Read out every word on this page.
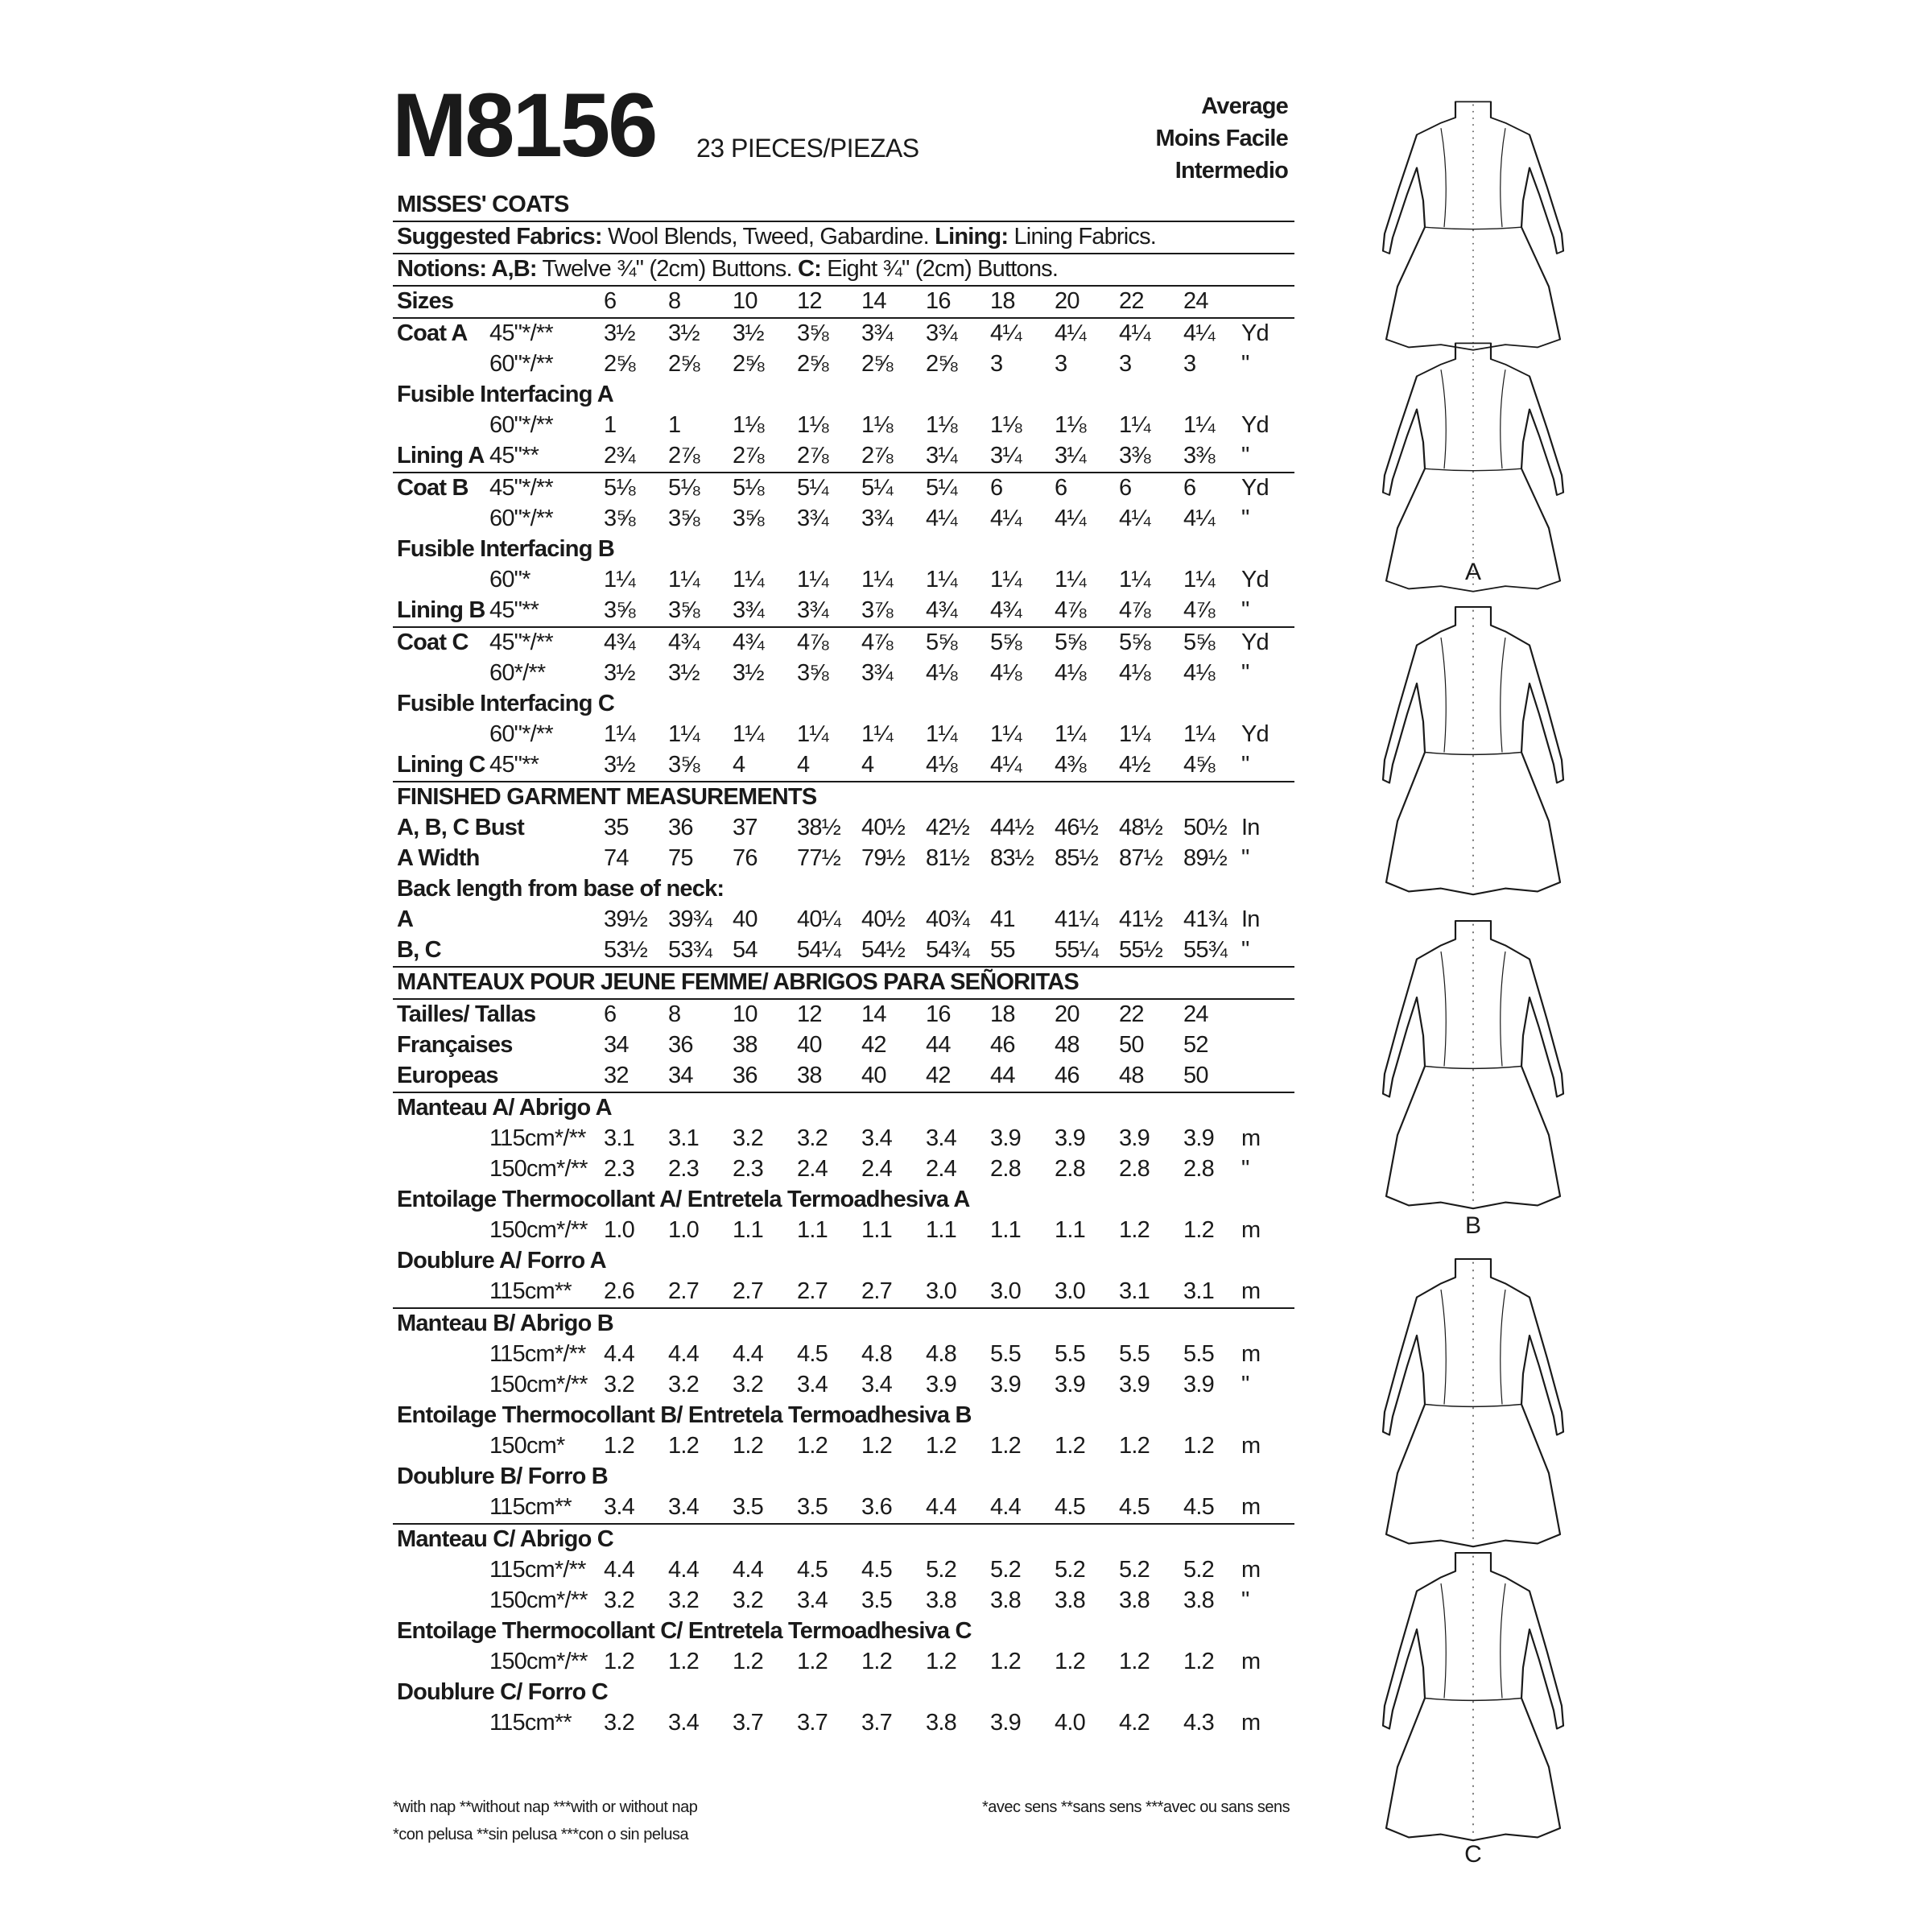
M8156 23 PIECES/PIEZAS
Average
Moins Facile
Intermedio
MISSES' COATS
Suggested Fabrics: Wool Blends, Tweed, Gabardine. Lining: Lining Fabrics.
Notions: A,B: Twelve ¾" (2cm) Buttons. C: Eight ¾" (2cm) Buttons.
Sizes	6 8 10 12 14 16 18 20 22 24
Coat A 45"*/** 3½ 3½ 3½ 3⅝ 3¾ 3¾ 4¼ 4¼ 4¼ 4¼ Yd
60"*/** 2⅝ 2⅝ 2⅝ 2⅝ 2⅝ 2⅝ 3 3 3 3 "
Fusible Interfacing A
60"*/** 1 1 1⅛ 1⅛ 1⅛ 1⅛ 1⅛ 1⅛ 1¼ 1¼ Yd
Lining A 45"**	2¾ 2⅞ 2⅞ 2⅞ 2⅞ 3¼ 3¼ 3¼ 3⅜ 3⅜ "
Coat B 45"*/** 5⅛ 5⅛ 5⅛ 5¼ 5¼ 5¼ 6 6 6 6 Yd
60"*/** 3⅝ 3⅝ 3⅝ 3¾ 3¾ 4¼ 4¼ 4¼ 4¼ 4¼ "
Fusible Interfacing B
60"*	1¼ 1¼ 1¼ 1¼ 1¼ 1¼ 1¼ 1¼ 1¼ 1¼ Yd
Lining B 45"**	3⅝ 3⅝ 3¾ 3¾ 3⅞ 4¾ 4¾ 4⅞ 4⅞ 4⅞ "
Coat C 45"*/** 4¾ 4¾ 4¾ 4⅞ 4⅞ 5⅝ 5⅝ 5⅝ 5⅝ 5⅝ Yd
60*/**	3½ 3½ 3½ 3⅝ 3¾ 4⅛ 4⅛ 4⅛ 4⅛ 4⅛ "
Fusible Interfacing C
60"*/** 1¼ 1¼ 1¼ 1¼ 1¼ 1¼ 1¼ 1¼ 1¼ 1¼ Yd
Lining C 45"**	3½ 3⅝ 4 4 4 4⅛ 4¼ 4⅜ 4½ 4⅝ "
FINISHED GARMENT MEASUREMENTS
A, B, C Bust	35 36 37 38½ 40½ 42½ 44½ 46½ 48½ 50½ In
A Width	74 75 76 77½ 79½ 81½ 83½ 85½ 87½ 89½ "
Back length from base of neck:
A	39½ 39¾ 40 40¼ 40½ 40¾ 41 41¼ 41½ 41¾ In
B, C	53½ 53¾ 54 54¼ 54½ 54¾ 55 55¼ 55½ 55¾ "
MANTEAUX POUR JEUNE FEMME/ ABRIGOS PARA SEÑORITAS
Tailles/ Tallas	6 8 10 12 14 16 18 20 22 24
Françaises	34 36 38 40 42 44 46 48 50 52
Europeas	32 34 36 38 40 42 44 46 48 50
Manteau A/ Abrigo A
115cm*/** 3.1 3.1 3.2 3.2 3.4 3.4 3.9 3.9 3.9 3.9 m
150cm*/** 2.3 2.3 2.3 2.4 2.4 2.4 2.8 2.8 2.8 2.8 "
Entoilage Thermocollant A/ Entretela Termoadhesiva A
150cm*/** 1.0 1.0 1.1 1.1 1.1 1.1 1.1 1.1 1.2 1.2 m
Doublure A/ Forro A
115cm** 2.6 2.7 2.7 2.7 2.7 3.0 3.0 3.0 3.1 3.1 m
Manteau B/ Abrigo B
115cm*/** 4.4 4.4 4.4 4.5 4.8 4.8 5.5 5.5 5.5 5.5 m
150cm*/** 3.2 3.2 3.2 3.4 3.4 3.9 3.9 3.9 3.9 3.9 "
Entoilage Thermocollant B/ Entretela Termoadhesiva B
150cm* 1.2 1.2 1.2 1.2 1.2 1.2 1.2 1.2 1.2 1.2 m
Doublure B/ Forro B
115cm** 3.4 3.4 3.5 3.5 3.6 4.4 4.4 4.5 4.5 4.5 m
Manteau C/ Abrigo C
115cm*/** 4.4 4.4 4.4 4.5 4.5 5.2 5.2 5.2 5.2 5.2 m
150cm*/** 3.2 3.2 3.2 3.4 3.5 3.8 3.8 3.8 3.8 3.8 "
Entoilage Thermocollant C/ Entretela Termoadhesiva C
150cm*/** 1.2 1.2 1.2 1.2 1.2 1.2 1.2 1.2 1.2 1.2 m
Doublure C/ Forro C
115cm** 3.2 3.4 3.7 3.7 3.7 3.8 3.9 4.0 4.2 4.3 m
*with nap **without nap ***with or without nap
*con pelusa **sin pelusa ***con o sin pelusa
*avec sens **sans sens ***avec ou sans sens
A
B
C
